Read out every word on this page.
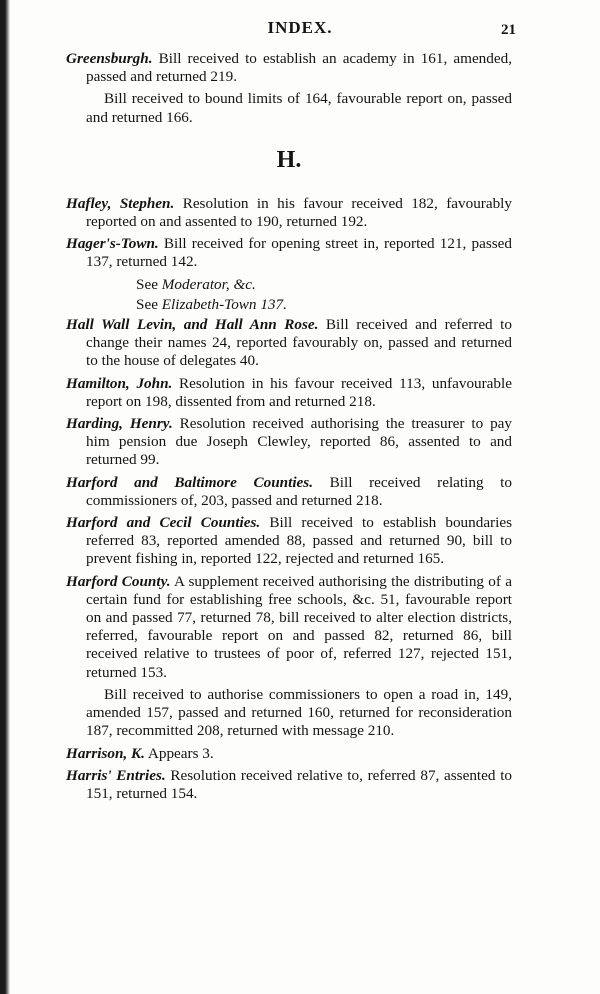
INDEX.	21

Greensburgh. Bill received to establish an academy in 161, amended, passed and returned 219.

Bill received to bound limits of 164, favourable report on, passed and returned 166.

H.

Hafley, Stephen. Resolution in his favour received 182, favourably reported on and assented to 190, returned 192.

Hager's-Town. Bill received for opening street in, reported 121, passed 137, returned 142.

See Moderator, &c.

See Elizabeth-Town 137.

Hall Wall Levin, and Hall Ann Rose. Bill received and referred to change their names 24, reported favourably on, passed and returned to the house of delegates 40.

Hamilton, John. Resolution in his favour received 113, unfavourable report on 198, dissented from and returned 218.

Harding, Henry. Resolution received authorising the treasurer to pay him pension due Joseph Clewley, reported 86, assented to and returned 99.

Harford and Baltimore Counties. Bill received relating to commissioners of, 203, passed and returned 218.

Harford and Cecil Counties. Bill received to establish boundaries referred 83, reported amended 88, passed and returned 90, bill to prevent fishing in, reported 122, rejected and returned 165.

Harford County. A supplement received authorising the distributing of a certain fund for establishing free schools, &c. 51, favourable report on and passed 77, returned 78, bill received to alter election districts, referred, favourable report on and passed 82, returned 86, bill received relative to trustees of poor of, referred 127, rejected 151, returned 153.

Bill received to authorise commissioners to open a road in, 149, amended 157, passed and returned 160, returned for reconsideration 187, recommitted 208, returned with message 210.

Harrison, K. Appears 3.

Harris' Entries. Resolution received relative to, referred 87, assented to 151, returned 154.
